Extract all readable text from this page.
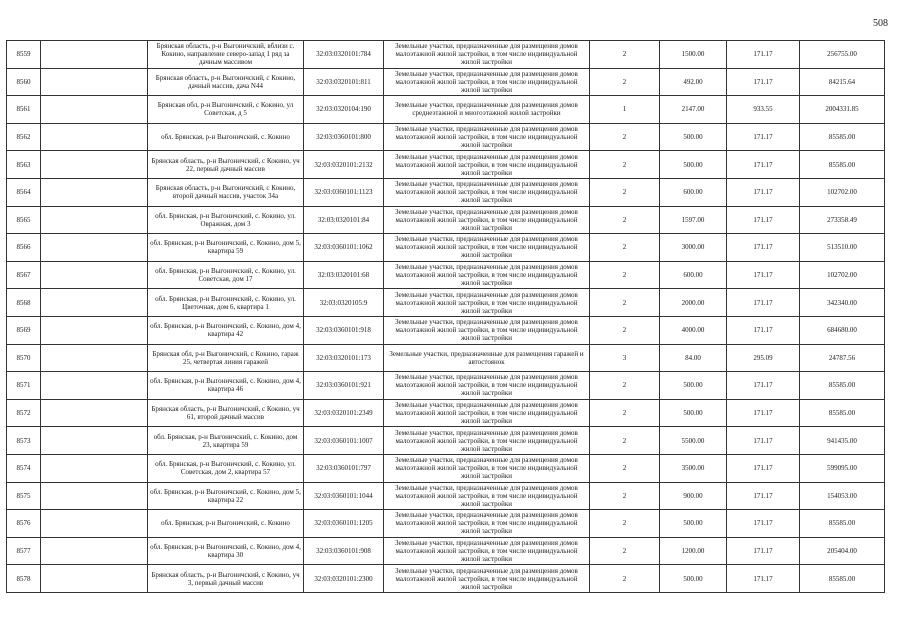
508
8559		Брянская область, р-н Выгоничский, вблизи с. Кокино, направление северо-запад 1 ряд за дачным массивом	32:03:0320101:784	Земельные участки, предназначенные для размещения домов малоэтажной жилой застройки, в том числе индивидуальной жилой застройки	2	1500.00	171.17	256755.00
8560		Брянская область, р-н Выгоничский, с Кокино, дачный массив, дача N44	32:03:0320101:811	Земельные участки, предназначенные для размещения домов малоэтажной жилой застройки, в том числе индивидуальной жилой застройки	2	492.00	171.17	84215.64
8561		Брянская обл, р-н Выгоничский, с Кокино, ул Советская, д 5	32:03:0320104:190	Земельные участки, предназначенные для размещения домов среднеэтажной и многоэтажной жилой застройки	1	2147.00	933.55	2004331.85
8562		обл. Брянская, р-н Выгоничский, с. Кокино	32:03:0360101:800	Земельные участки, предназначенные для размещения домов малоэтажной жилой застройки, в том числе индивидуальной жилой застройки	2	500.00	171.17	85585.00
8563		Брянская область, р-н Выгоничский, с Кокино, уч 22, первый дачный массив	32:03:0320101:2132	Земельные участки, предназначенные для размещения домов малоэтажной жилой застройки, в том числе индивидуальной жилой застройки	2	500.00	171.17	85585.00
8564		Брянская область, р-н Выгоничский, с Кокино, второй дачный массив, участок 34а	32:03:0360101:1123	Земельные участки, предназначенные для размещения домов малоэтажной жилой застройки, в том числе индивидуальной жилой застройки	2	600.00	171.17	102702.00
8565		обл. Брянская, р-н Выгоничский, с. Кокино, ул. Овражная, дом 3	32:03:0320101:84	Земельные участки, предназначенные для размещения домов малоэтажной жилой застройки, в том числе индивидуальной жилой застройки	2	1597.00	171.17	273358.49
8566		обл. Брянская, р-н Выгоничский, с. Кокино, дом 5, квартира 59	32:03:0360101:1062	Земельные участки, предназначенные для размещения домов малоэтажной жилой застройки, в том числе индивидуальной жилой застройки	2	3000.00	171.17	513510.00
8567		обл. Брянская, р-н Выгоничский, с. Кокино, ул. Советская, дом 17	32:03:0320101:68	Земельные участки, предназначенные для размещения домов малоэтажной жилой застройки, в том числе индивидуальной жилой застройки	2	600.00	171.17	102702.00
8568		обл. Брянская, р-н Выгоничский, с. Кокино, ул. Цветочная, дом 6, квартира 1	32:03:0320105:9	Земельные участки, предназначенные для размещения домов малоэтажной жилой застройки, в том числе индивидуальной жилой застройки	2	2000.00	171.17	342340.00
8569		обл. Брянская, р-н Выгоничский, с. Кокино, дом 4, квартира 42	32:03:0360101:918	Земельные участки, предназначенные для размещения домов малоэтажной жилой застройки, в том числе индивидуальной жилой застройки	2	4000.00	171.17	684680.00
8570		Брянская обл, р-н Выгоничский, с Кокино, гараж 25, четвертая линия гаражей	32:03:0320101:173	Земельные участки, предназначенные для размещения гаражей и автостоянок	3	84.00	295.09	24787.56
8571		обл. Брянская, р-н Выгоничский, с. Кокино, дом 4, квартира 46	32:03:0360101:921	Земельные участки, предназначенные для размещения домов малоэтажной жилой застройки, в том числе индивидуальной жилой застройки	2	500.00	171.17	85585.00
8572		Брянская область, р-н Выгоничский, с Кокино, уч 61, второй дачный массив	32:03:0320101:2349	Земельные участки, предназначенные для размещения домов малоэтажной жилой застройки, в том числе индивидуальной жилой застройки	2	500.00	171.17	85585.00
8573		обл. Брянская, р-н Выгоничский, с. Кокино, дом 23, квартира 59	32:03:0360101:1007	Земельные участки, предназначенные для размещения домов малоэтажной жилой застройки, в том числе индивидуальной жилой застройки	2	5500.00	171.17	941435.00
8574		обл. Брянская, р-н Выгоничский, с. Кокино, ул. Советская, дом 2, квартира 57	32:03:0360101:797	Земельные участки, предназначенные для размещения домов малоэтажной жилой застройки, в том числе индивидуальной жилой застройки	2	3500.00	171.17	599095.00
8575		обл. Брянская, р-н Выгоничский, с. Кокино, дом 5, квартира 22	32:03:0360101:1044	Земельные участки, предназначенные для размещения домов малоэтажной жилой застройки, в том числе индивидуальной жилой застройки	2	900.00	171.17	154053.00
8576		обл. Брянская, р-н Выгоничский, с. Кокино	32:03:0360101:1205	Земельные участки, предназначенные для размещения домов малоэтажной жилой застройки, в том числе индивидуальной жилой застройки	2	500.00	171.17	85585.00
8577		обл. Брянская, р-н Выгоничский, с. Кокино, дом 4, квартира 30	32:03:0360101:908	Земельные участки, предназначенные для размещения домов малоэтажной жилой застройки, в том числе индивидуальной жилой застройки	2	1200.00	171.17	205404.00
8578		Брянская область, р-н Выгоничский, с Кокино, уч 3, первый дачный массив	32:03:0320101:2300	Земельные участки, предназначенные для размещения домов малоэтажной жилой застройки, в том числе индивидуальной жилой застройки	2	500.00	171.17	85585.00
